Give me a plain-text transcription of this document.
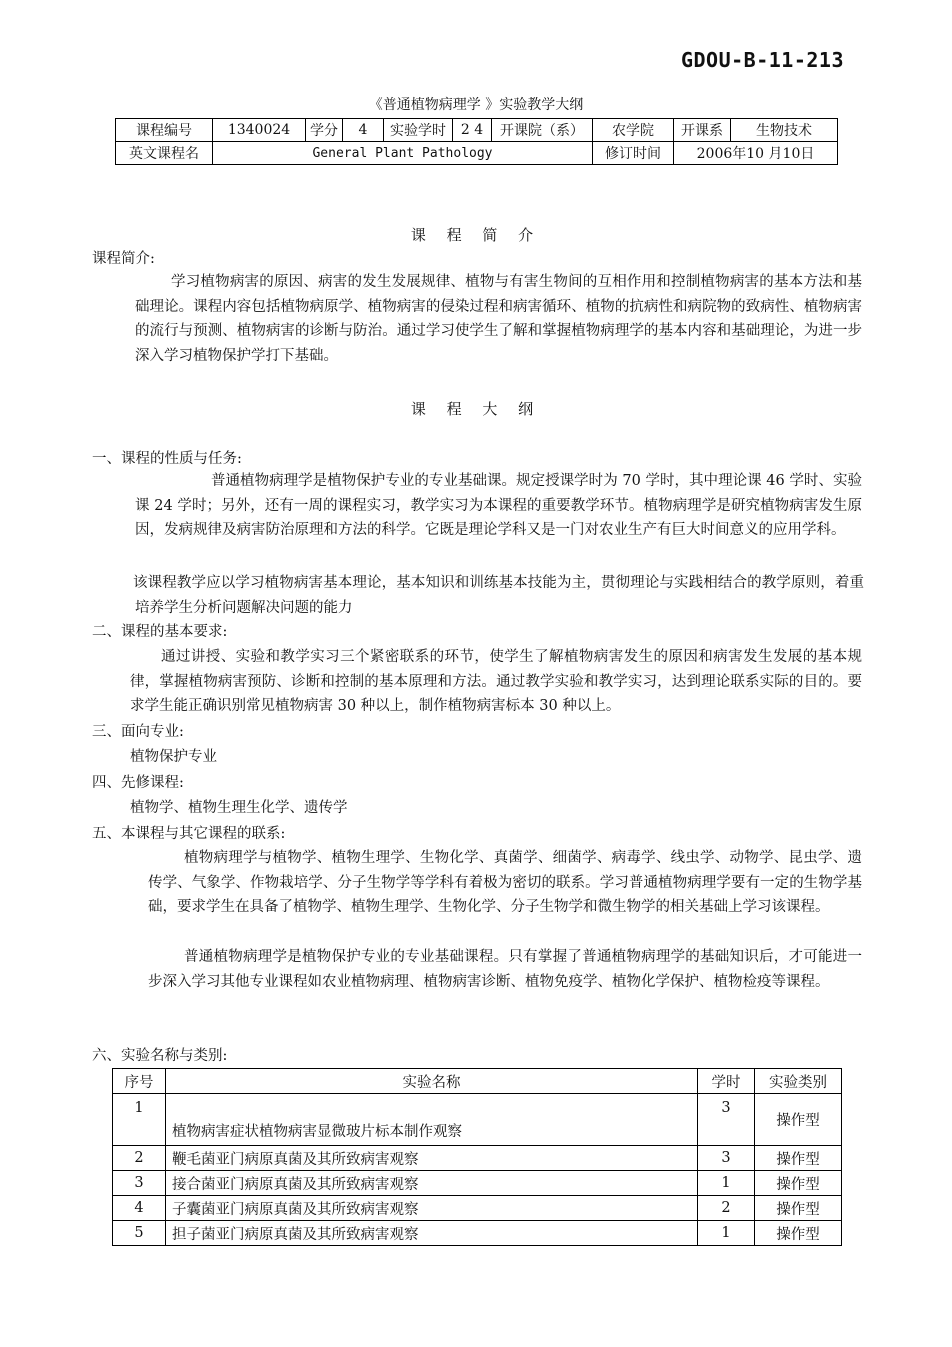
GDOU-B-11-213
《普通植物病理学 》实验教学大纲
课程编号	1340024	学分	4	实验学时	2 4	开课院（系）	农学院	开课系	生物技术
英文课程名	General Plant Pathology						修订时间	2006年10 月10日	
课 程 简 介
课程简介:
学习植物病害的原因、病害的发生发展规律、植物与有害生物间的互相作用和控制植物病害的基本方法和基础理论。课程内容包括植物病原学、植物病害的侵染过程和病害循环、植物的抗病性和病院物的致病性、植物病害的流行与预测、植物病害的诊断与防治。通过学习使学生了解和掌握植物病理学的基本内容和基础理论，为进一步深入学习植物保护学打下基础。
课 程 大 纲
一、课程的性质与任务:
普通植物病理学是植物保护专业的专业基础课。规定授课学时为 70 学时，其中理论课 46 学时、实验课 24 学时；另外，还有一周的课程实习，教学实习为本课程的重要教学环节。植物病理学是研究植物病害发生原因，发病规律及病害防治原理和方法的科学。它既是理论学科又是一门对农业生产有巨大时间意义的应用学科。
该课程教学应以学习植物病害基本理论，基本知识和训练基本技能为主，贯彻理论与实践相结合的教学原则，着重培养学生分析问题解决问题的能力
二、课程的基本要求:
通过讲授、实验和教学实习三个紧密联系的环节，使学生了解植物病害发生的原因和病害发生发展的基本规律，掌握植物病害预防、诊断和控制的基本原理和方法。通过教学实验和教学实习，达到理论联系实际的目的。要求学生能正确识别常见植物病害 30 种以上，制作植物病害标本 30 种以上。
三、面向专业:
植物保护专业
四、先修课程:
植物学、植物生理生化学、遗传学
五、本课程与其它课程的联系:
植物病理学与植物学、植物生理学、生物化学、真菌学、细菌学、病毒学、线虫学、动物学、昆虫学、遗传学、气象学、作物栽培学、分子生物学等学科有着极为密切的联系。学习普通植物病理学要有一定的生物学基础，要求学生在具备了植物学、植物生理学、生物化学、分子生物学和微生物学的相关基础上学习该课程。
普通植物病理学是植物保护专业的专业基础课程。只有掌握了普通植物病理学的基础知识后，才可能进一步深入学习其他专业课程如农业植物病理、植物病害诊断、植物免疫学、植物化学保护、植物检疫等课程。
六、实验名称与类别:
序号	实验名称	学时	实验类别
1	植物病害症状植物病害显微玻片标本制作观察	3	操作型
2	鞭毛菌亚门病原真菌及其所致病害观察	3	操作型
3	接合菌亚门病原真菌及其所致病害观察	1	操作型
4	子囊菌亚门病原真菌及其所致病害观察	2	操作型
5	担子菌亚门病原真菌及其所致病害观察	1	操作型
